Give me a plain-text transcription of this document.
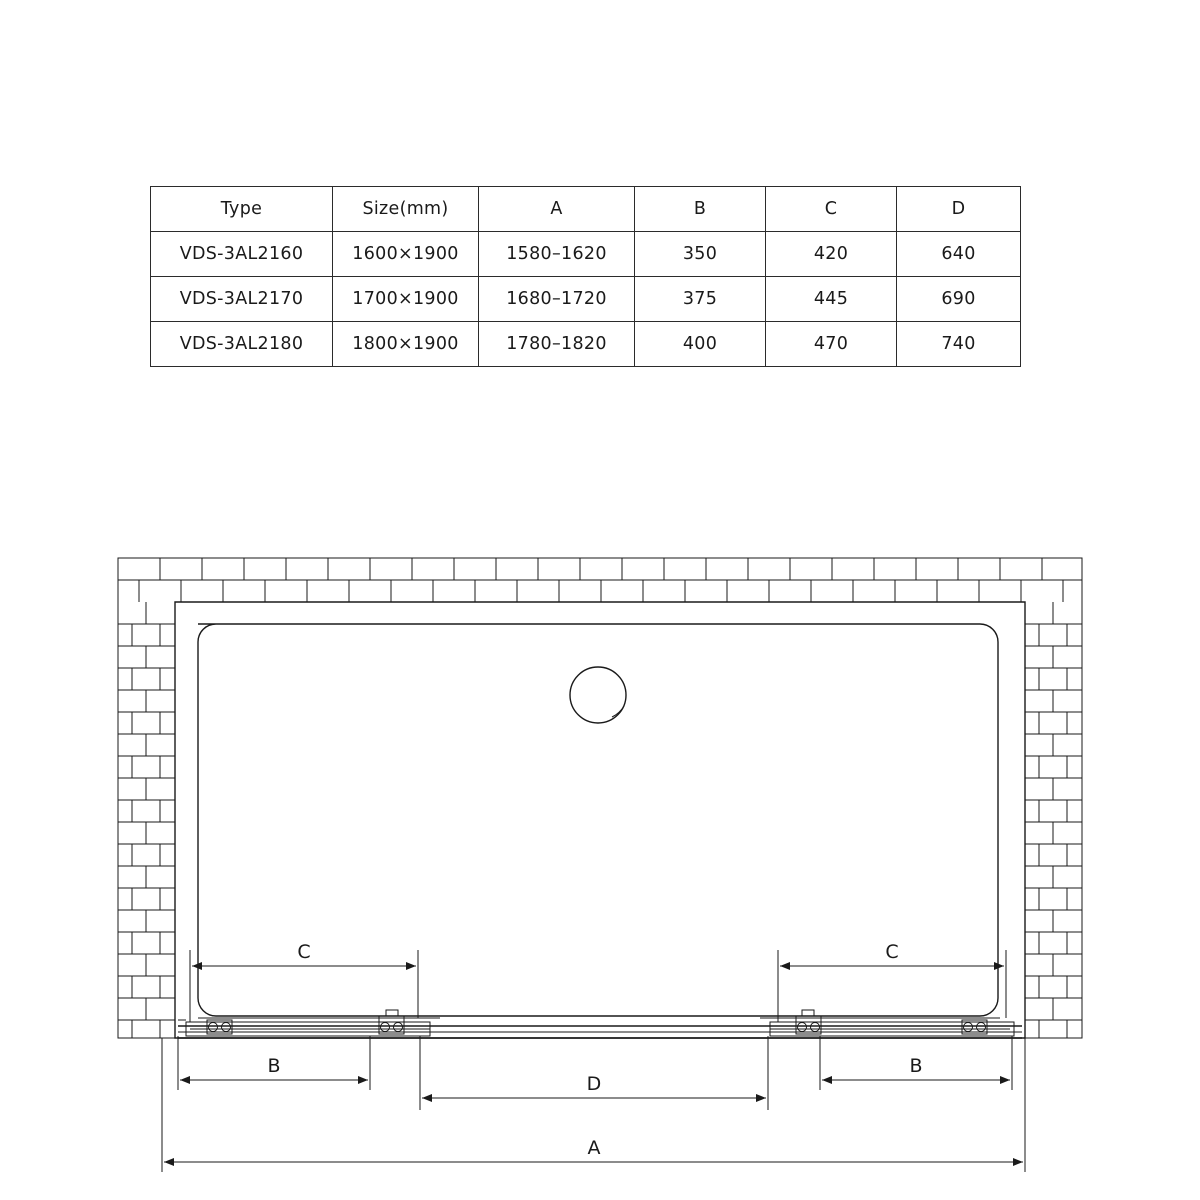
Type	Size(mm)	A	B	C	D
VDS-3AL2160	1600×1900	1580–1620	350	420	640
VDS-3AL2170	1700×1900	1680–1720	375	445	690
VDS-3AL2180	1800×1900	1780–1820	400	470	740
C	C
B	B
D
A
